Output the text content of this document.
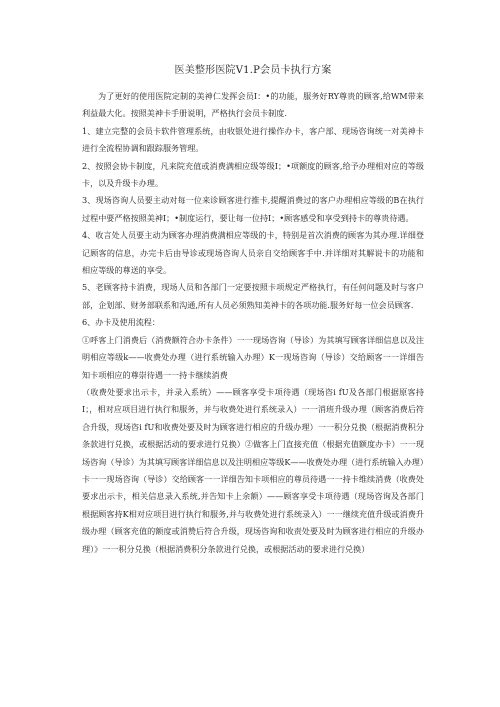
医美整形医院V1.P会员卡执行方案

为了更好的使用医院定制的美神仁发挥会员I：•的功能，服务好RY尊贵的顾客,给WM带来利益最大化。按照美神卡手册说明，严格执行会员卡制度.

1、建立完整的会员卡软件管理系统，由收银处进行操作办卡，客户部、现场咨询统一对美神卡进行全流程协调和跟踪服务管理。

2、按照会协卡制度，凡来院充值或消费满相应级等级I；•项额度的顾客,给予办理相对应的等级卡，以及升级卡办理。

3、现场咨询人员要主动对每一位来诊顾客进行推卡,提醒消费过的客户办理相应等级的B在执行过程中要严格按照美神I；•制度运行，要让每一位持I；•顾客感受和享受到持卡的尊贵待遇。

4、收言处人员要主动为顾客办理消费满相应等级的卡，特别是首次消费的顾客为其办理.详细登记顾客的信息，办完卡后由导诊或现场咨询人员亲自交给顾客手中.并详细对其解说卡的功能和相应等级的尊送的享受。

5、老顾客持卡消费，现场人员和各部门一定要按照卡项规定严格执行，有任何问题及时与客户部，企划部、财务部联系和沟通,所有人员必须熟知美神卡的各项功能.服务好每一位会员顾客.

6、办卡及使用流程：

①呼客上门消费后（消费额符合办卡条件）一一现场咨询（导诊）为其填写顾客详细信息以及注明相应等级k——收费处办理（进行系统输入办理）K一现场咨询（导诊）交给顾客一一详细告知卡项相应的尊崇待遇一一持卡继续消费

（收费处要求出示卡，并录入系统）——顾客享受卡项待遇（现场咨i fU及各部门根据原客持I；，相对应项目进行执行和服务，并与收费处进行系统录入）一一消班升级办理（顾客消费后符合升级，现场咨i fU和收费处要及时为顾客进行相应的升级办理）一一积分兑换（根据消费积分条款进行兑换，或根据活动的要求进行兑换）②做客上门直接充值（根据充值额度办卡）一一现场咨询（导诊）为其填写顾客详细信息以及注明相应等级K——收费处办理（进行系统输入办理）

卡一一现场咨询（导诊）交给顾客一一详细告知卡项相应的尊员待遇一一持卡维续消费（收费处要求出示卡，相关信息录入系统,并告知卡上余额）——顾客享受卡项待遇（现场咨询及各部门根据顾客持K相对应项目进行执行和服务,并与收费处进行系统录入）一一继续充值升级或消费升级办理（顾客充值的额度或消赞后符合升级，现场咨询和收责处要及时为顾客进行相应的升级办理）》一一积分兑换（根据消费积分条款进行兑换，或根据活动的要求进行兑换）
